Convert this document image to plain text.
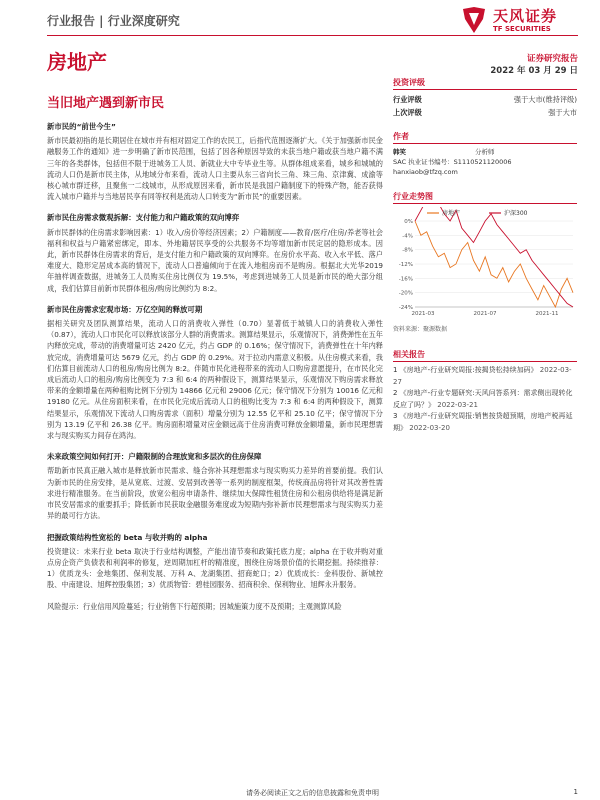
行业报告 | 行业深度研究	天风证券
TF SECURITIES
房地产	证券研究报告
2022 年 03 月 29 日
当旧地产遇到新市民
新市民的“前世今生”

新市民最初指的是长期居住在城市并有相对固定工作的农民工，后指代范围逐渐扩大。《关于加强新市民金融服务工作的通知》进一步明确了新市民范围，包括了因各种原因导致的未获当地户籍或获当地户籍不满三年的各类群体，包括但不限于进城务工人员、新就业大中专毕业生等。从群体组成来看，城乡和城城的流动人口仍是新市民主体，从地域分布来看，流动人口主要从东三省向长三角、珠三角、京津冀、成渝等核心城市群迁移，且聚焦一二线城市，从形成原因来看，新市民是我国户籍制度下的特殊产物，能否获得流入城市户籍并与当地居民享有同等权利是流动人口转变为“新市民”的重要因素。

新市民住房需求微观拆解：支付能力和户籍政策的双向博弈

新市民群体的住房需求影响因素：1）收入/房价等经济因素；2）户籍制度——教育/医疗/住房/养老等社会福利和权益与户籍紧密绑定，即本、外地籍居民享受的公共服务不均等增加新市民定居的隐形成本。因此，新市民群体住房需求的背后，是支付能力和户籍政策的双向博弈。在房价水平高、收入水平低、落户难度大、隐形定居成本高的情况下，流动人口普遍倾向于在流入地租房而不是购房。根据北大光华2019 年抽样调查数据，进城务工人员购买住房比例仅为 19.5%，考虑到进城务工人员是新市民的绝大部分组成，我们估算目前新市民群体租房/购房比例约为 8:2。

新市民住房需求宏观市场：万亿空间的释放可期

据相关研究及团队测算结果，流动人口的消费收入弹性（0.70）显著低于城镇人口的消费收入弹性（0.87），流动人口市民化可以释放该部分人群的消费需求。测算结果显示，乐观情况下，消费弹性在五年内释放完成，带动的消费增量可达 2420 亿元，约占 GDP 的 0.16%；保守情况下，消费弹性在十年内释放完成，消费增量可达 5679 亿元，约占 GDP 的 0.29%。对于拉动内需意义积极。从住房模式来看，我们估算目前流动人口的租房/购房比例为 8:2。伴随市民化进程带来的流动人口购房意愿提升，在市民化完成后流动人口的租房/购房比例变为 7:3 和 6:4 的两种假设下，测算结果显示，乐观情况下购房需求释放带来的金额增量在两种租购比例下分别为 14866 亿元和 29006 亿元；保守情况下分别为 10016 亿元和 19180 亿元。从住房面积来看，在市民化完成后流动人口的租购比变为 7:3 和 6:4 的两种假设下，测算结果显示，乐观情况下流动人口购房需求（面积）增量分别为 12.55 亿平和 25.10 亿平；保守情况下分别为 13.19 亿平和 26.38 亿平。购房面积增量对应金额远高于住房消费可释放金额增量，新市民理想需求与现实购买力间存在鸿沟。

未来政策空间如何打开：户籍限制的合理放宽和多层次的住房保障

帮助新市民真正融入城市是释放新市民需求、缝合弥补其理想需求与现实购买力差异的首要前提。我们认为新市民的住房安排，是从宽底、过渡、安居到改善等一系列的制度框架，传统商品房将针对其改善性需求进行精准服务。在当前阶段，放宽公租房申请条件、继续加大保障性租赁住房和公租房供给将是满足新市民安居需求的重要抓手；降低新市民获取金融服务难度或为短期内弥补新市民理想需求与现实购买力差异的最可行方法。

把握政策结构性宽松的 beta 与收并购的 alpha

投资建议：未来行业 beta 取决于行业结构调整，产能出清节奏和政策托底力度；alpha 在于收并购对重点房企资产负债表和利润率的修复，逆周期加杠杆的精准度，围绕住房场景价值的长期挖掘。持续推荐：1）优质龙头：金地集团、保利发展、万科 A、龙湖集团、招商蛇口；2）优质成长：金科股份、新城控股、中南建设、旭辉控股集团；3）优质物管：碧桂园服务、招商积余、保利物业、旭辉永升服务。

风险提示：行业信用风险蔓延；行业销售下行超预期；因城施策力度不及预期；主观测算风险

投资评级
行业评级	强于大市(维持评级)
上次评级	强于大市
作者
韩笑	分析师
SAC 执业证书编号：S1110521120006
hanxiaob@tfzq.com
行业走势图
0%
-4%
-8%
-12%
-16%
-20%
-24%
2021-03	2021-07	2021-11
房地产	沪深300
资料来源：聚源数据
相关报告
1 《房地产-行业研究周报:按揭贷松持续加码》 2022-03-27
2 《房地产-行业专题研究:天风问答系列：需求侧出现转化反应了吗？》 2022-03-21
3 《房地产-行业研究周报:销售按贷超预期，房地产税再延期》 2022-03-20
请务必阅读正文之后的信息披露和免责申明	1
